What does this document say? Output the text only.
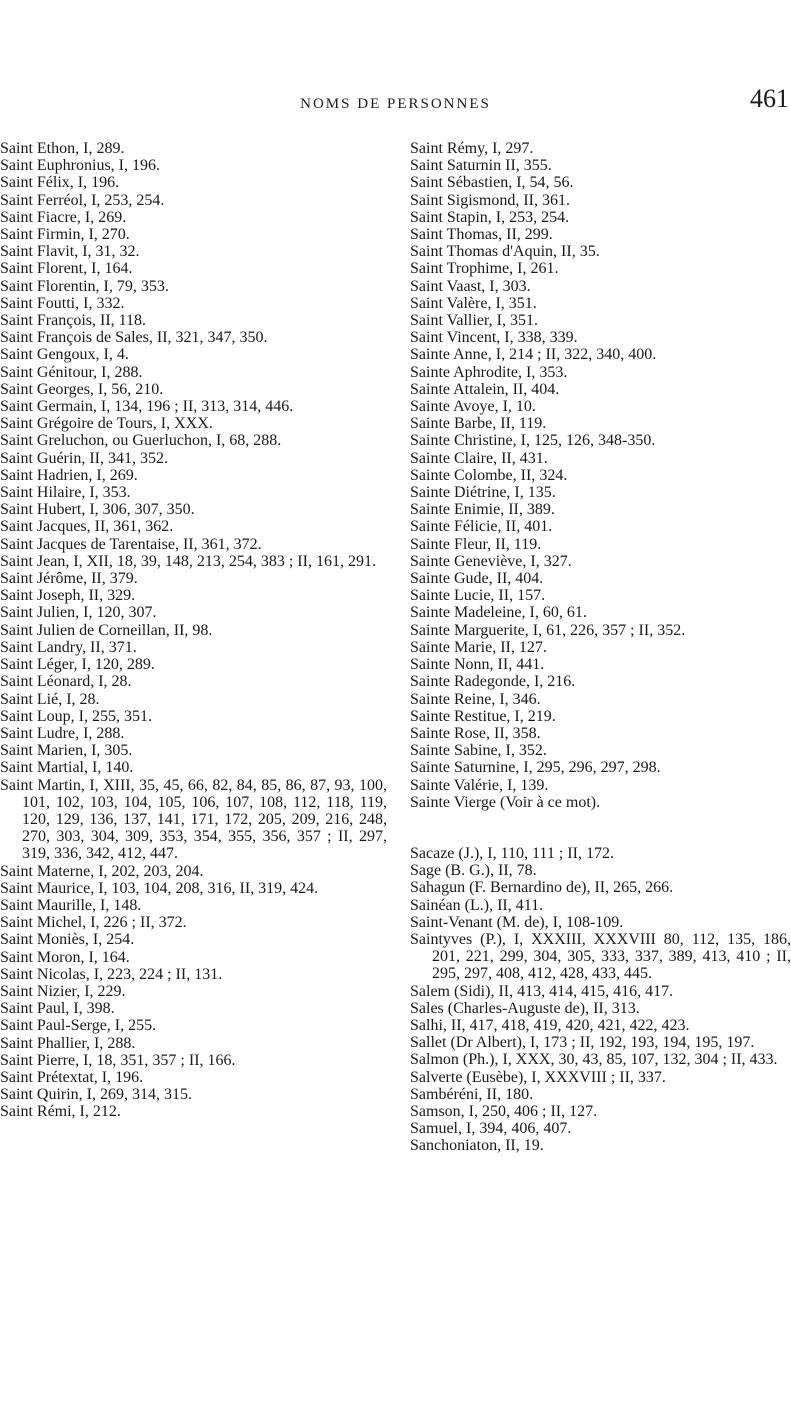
NOMS DE PERSONNES	461

Saint Ethon, I, 289.

Saint Euphronius, I, 196.

Saint Félix, I, 196.

Saint Ferréol, I, 253, 254.

Saint Fiacre, I, 269.

Saint Firmin, I, 270.

Saint Flavit, I, 31, 32.

Saint Florent, I, 164.

Saint Florentin, I, 79, 353.

Saint Foutti, I, 332.

Saint François, II, 118.

Saint François de Sales, II, 321, 347, 350.

Saint Gengoux, I, 4.

Saint Génitour, I, 288.

Saint Georges, I, 56, 210.

Saint Germain, I, 134, 196 ; II, 313, 314, 446.

Saint Grégoire de Tours, I, XXX.

Saint Greluchon, ou Guerluchon, I, 68, 288.

Saint Guérin, II, 341, 352.

Saint Hadrien, I, 269.

Saint Hilaire, I, 353.

Saint Hubert, I, 306, 307, 350.

Saint Jacques, II, 361, 362.

Saint Jacques de Tarentaise, II, 361, 372.

Saint Jean, I, XII, 18, 39, 148, 213, 254, 383 ; II, 161, 291.

Saint Jérôme, II, 379.

Saint Joseph, II, 329.

Saint Julien, I, 120, 307.

Saint Julien de Corneillan, II, 98.

Saint Landry, II, 371.

Saint Léger, I, 120, 289.

Saint Léonard, I, 28.

Saint Lié, I, 28.

Saint Loup, I, 255, 351.

Saint Ludre, I, 288.

Saint Marien, I, 305.

Saint Martial, I, 140.

Saint Martin, I, XIII, 35, 45, 66, 82, 84, 85, 86, 87, 93, 100, 101, 102, 103, 104, 105, 106, 107, 108, 112, 118, 119, 120, 129, 136, 137, 141, 171, 172, 205, 209, 216, 248, 270, 303, 304, 309, 353, 354, 355, 356, 357 ; II, 297, 319, 336, 342, 412, 447.

Saint Materne, I, 202, 203, 204.

Saint Maurice, I, 103, 104, 208, 316, II, 319, 424.

Saint Maurille, I, 148.

Saint Michel, I, 226 ; II, 372.

Saint Moniès, I, 254.

Saint Moron, I, 164.

Saint Nicolas, I, 223, 224 ; II, 131.

Saint Nizier, I, 229.

Saint Paul, I, 398.

Saint Paul-Serge, I, 255.

Saint Phallier, I, 288.

Saint Pierre, I, 18, 351, 357 ; II, 166.

Saint Prétextat, I, 196.

Saint Quirin, I, 269, 314, 315.

Saint Rémi, I, 212.

Saint Rémy, I, 297.

Saint Saturnin II, 355.

Saint Sébastien, I, 54, 56.

Saint Sigismond, II, 361.

Saint Stapin, I, 253, 254.

Saint Thomas, II, 299.

Saint Thomas d'Aquin, II, 35.

Saint Trophime, I, 261.

Saint Vaast, I, 303.

Saint Valère, I, 351.

Saint Vallier, I, 351.

Saint Vincent, I, 338, 339.

Sainte Anne, I, 214 ; II, 322, 340, 400.

Sainte Aphrodite, I, 353.

Sainte Attalein, II, 404.

Sainte Avoye, I, 10.

Sainte Barbe, II, 119.

Sainte Christine, I, 125, 126, 348-350.

Sainte Claire, II, 431.

Sainte Colombe, II, 324.

Sainte Diétrine, I, 135.

Sainte Enimie, II, 389.

Sainte Félicie, II, 401.

Sainte Fleur, II, 119.

Sainte Geneviève, I, 327.

Sainte Gude, II, 404.

Sainte Lucie, II, 157.

Sainte Madeleine, I, 60, 61.

Sainte Marguerite, I, 61, 226, 357 ; II, 352.

Sainte Marie, II, 127.

Sainte Nonn, II, 441.

Sainte Radegonde, I, 216.

Sainte Reine, I, 346.

Sainte Restitue, I, 219.

Sainte Rose, II, 358.

Sainte Sabine, I, 352.

Sainte Saturnine, I, 295, 296, 297, 298.

Sainte Valérie, I, 139.

Sainte Vierge (Voir à ce mot).

Sacaze (J.), I, 110, 111 ; II, 172.

Sage (B. G.), II, 78.

Sahagun (F. Bernardino de), II, 265, 266.

Sainéan (L.), II, 411.

Saint-Venant (M. de), I, 108-109.

Saintyves (P.), I, XXXIII, XXXVIII 80, 112, 135, 186, 201, 221, 299, 304, 305, 333, 337, 389, 413, 410 ; II, 295, 297, 408, 412, 428, 433, 445.

Salem (Sidi), II, 413, 414, 415, 416, 417.

Sales (Charles-Auguste de), II, 313.

Salhi, II, 417, 418, 419, 420, 421, 422, 423.

Sallet (Dr Albert), I, 173 ; II, 192, 193, 194, 195, 197.

Salmon (Ph.), I, XXX, 30, 43, 85, 107, 132, 304 ; II, 433.

Salverte (Eusèbe), I, XXXVIII ; II, 337.

Sambéréni, II, 180.

Samson, I, 250, 406 ; II, 127.

Samuel, I, 394, 406, 407.

Sanchoniaton, II, 19.
